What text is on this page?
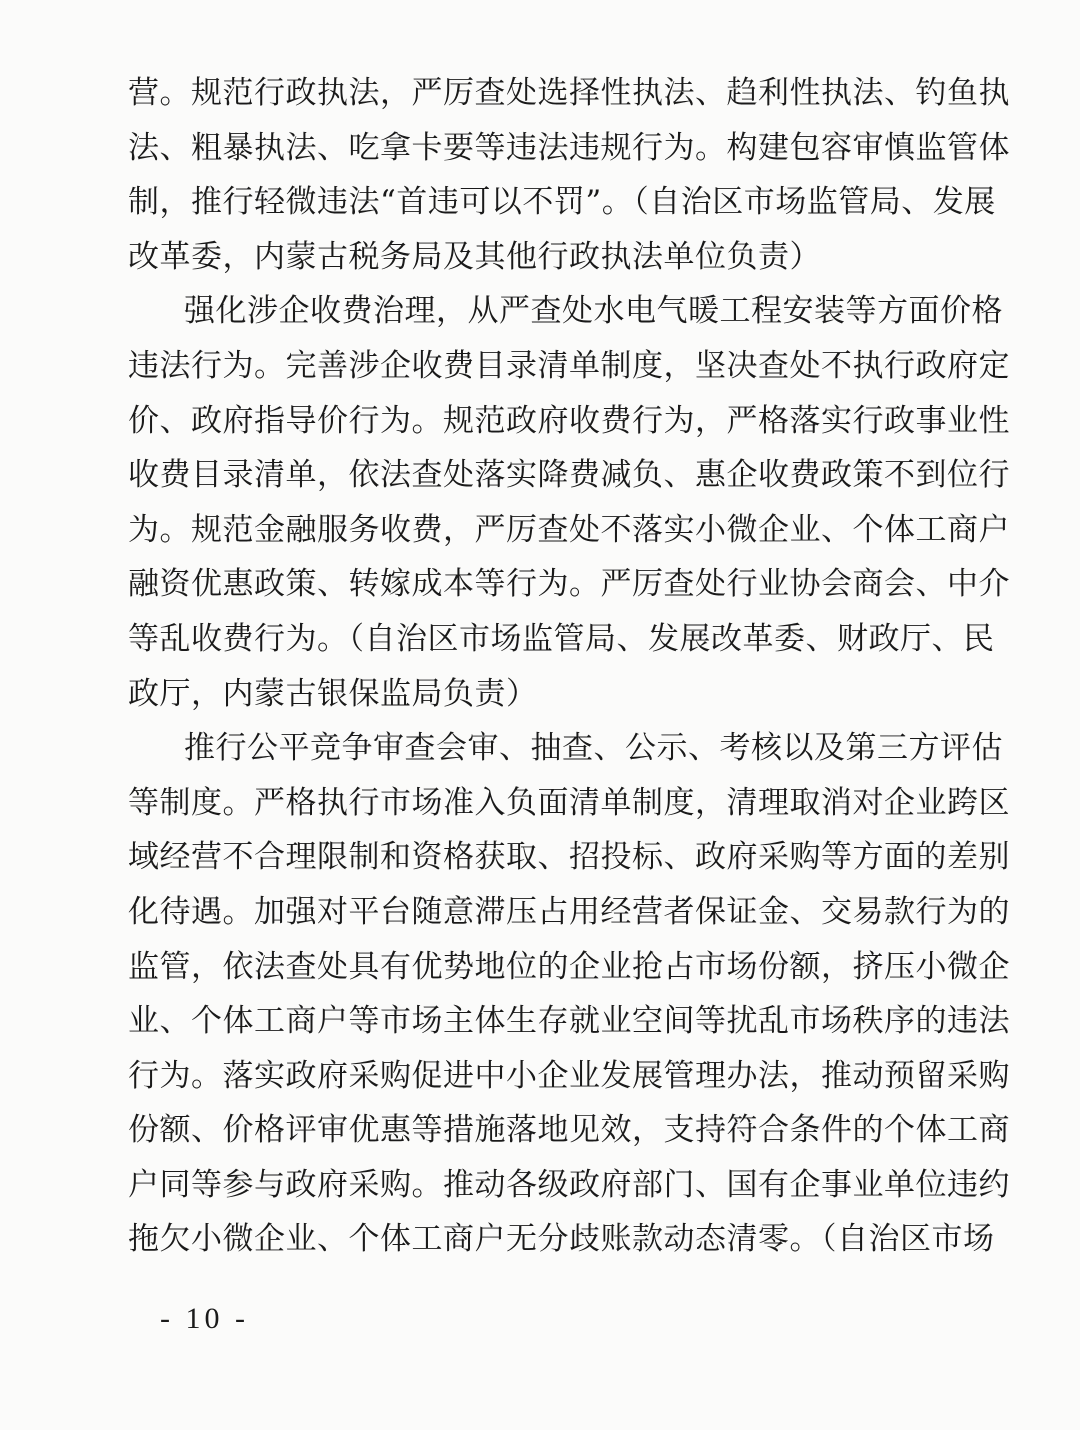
营。规范行政执法，严厉查处选择性执法、趋利性执法、钓鱼执
法、粗暴执法、吃拿卡要等违法违规行为。构建包容审慎监管体
制，推行轻微违法“首违可以不罚”。（自治区市场监管局、发展
改革委，内蒙古税务局及其他行政执法单位负责）
强化涉企收费治理，从严查处水电气暖工程安装等方面价格
违法行为。完善涉企收费目录清单制度，坚决查处不执行政府定
价、政府指导价行为。规范政府收费行为，严格落实行政事业性
收费目录清单，依法查处落实降费减负、惠企收费政策不到位行
为。规范金融服务收费，严厉查处不落实小微企业、个体工商户
融资优惠政策、转嫁成本等行为。严厉查处行业协会商会、中介
等乱收费行为。（自治区市场监管局、发展改革委、财政厅、民
政厅，内蒙古银保监局负责）
推行公平竞争审查会审、抽查、公示、考核以及第三方评估
等制度。严格执行市场准入负面清单制度，清理取消对企业跨区
域经营不合理限制和资格获取、招投标、政府采购等方面的差别
化待遇。加强对平台随意滞压占用经营者保证金、交易款行为的
监管，依法查处具有优势地位的企业抢占市场份额，挤压小微企
业、个体工商户等市场主体生存就业空间等扰乱市场秩序的违法
行为。落实政府采购促进中小企业发展管理办法，推动预留采购
份额、价格评审优惠等措施落地见效，支持符合条件的个体工商
户同等参与政府采购。推动各级政府部门、国有企事业单位违约
拖欠小微企业、个体工商户无分歧账款动态清零。（自治区市场
- 10 -
